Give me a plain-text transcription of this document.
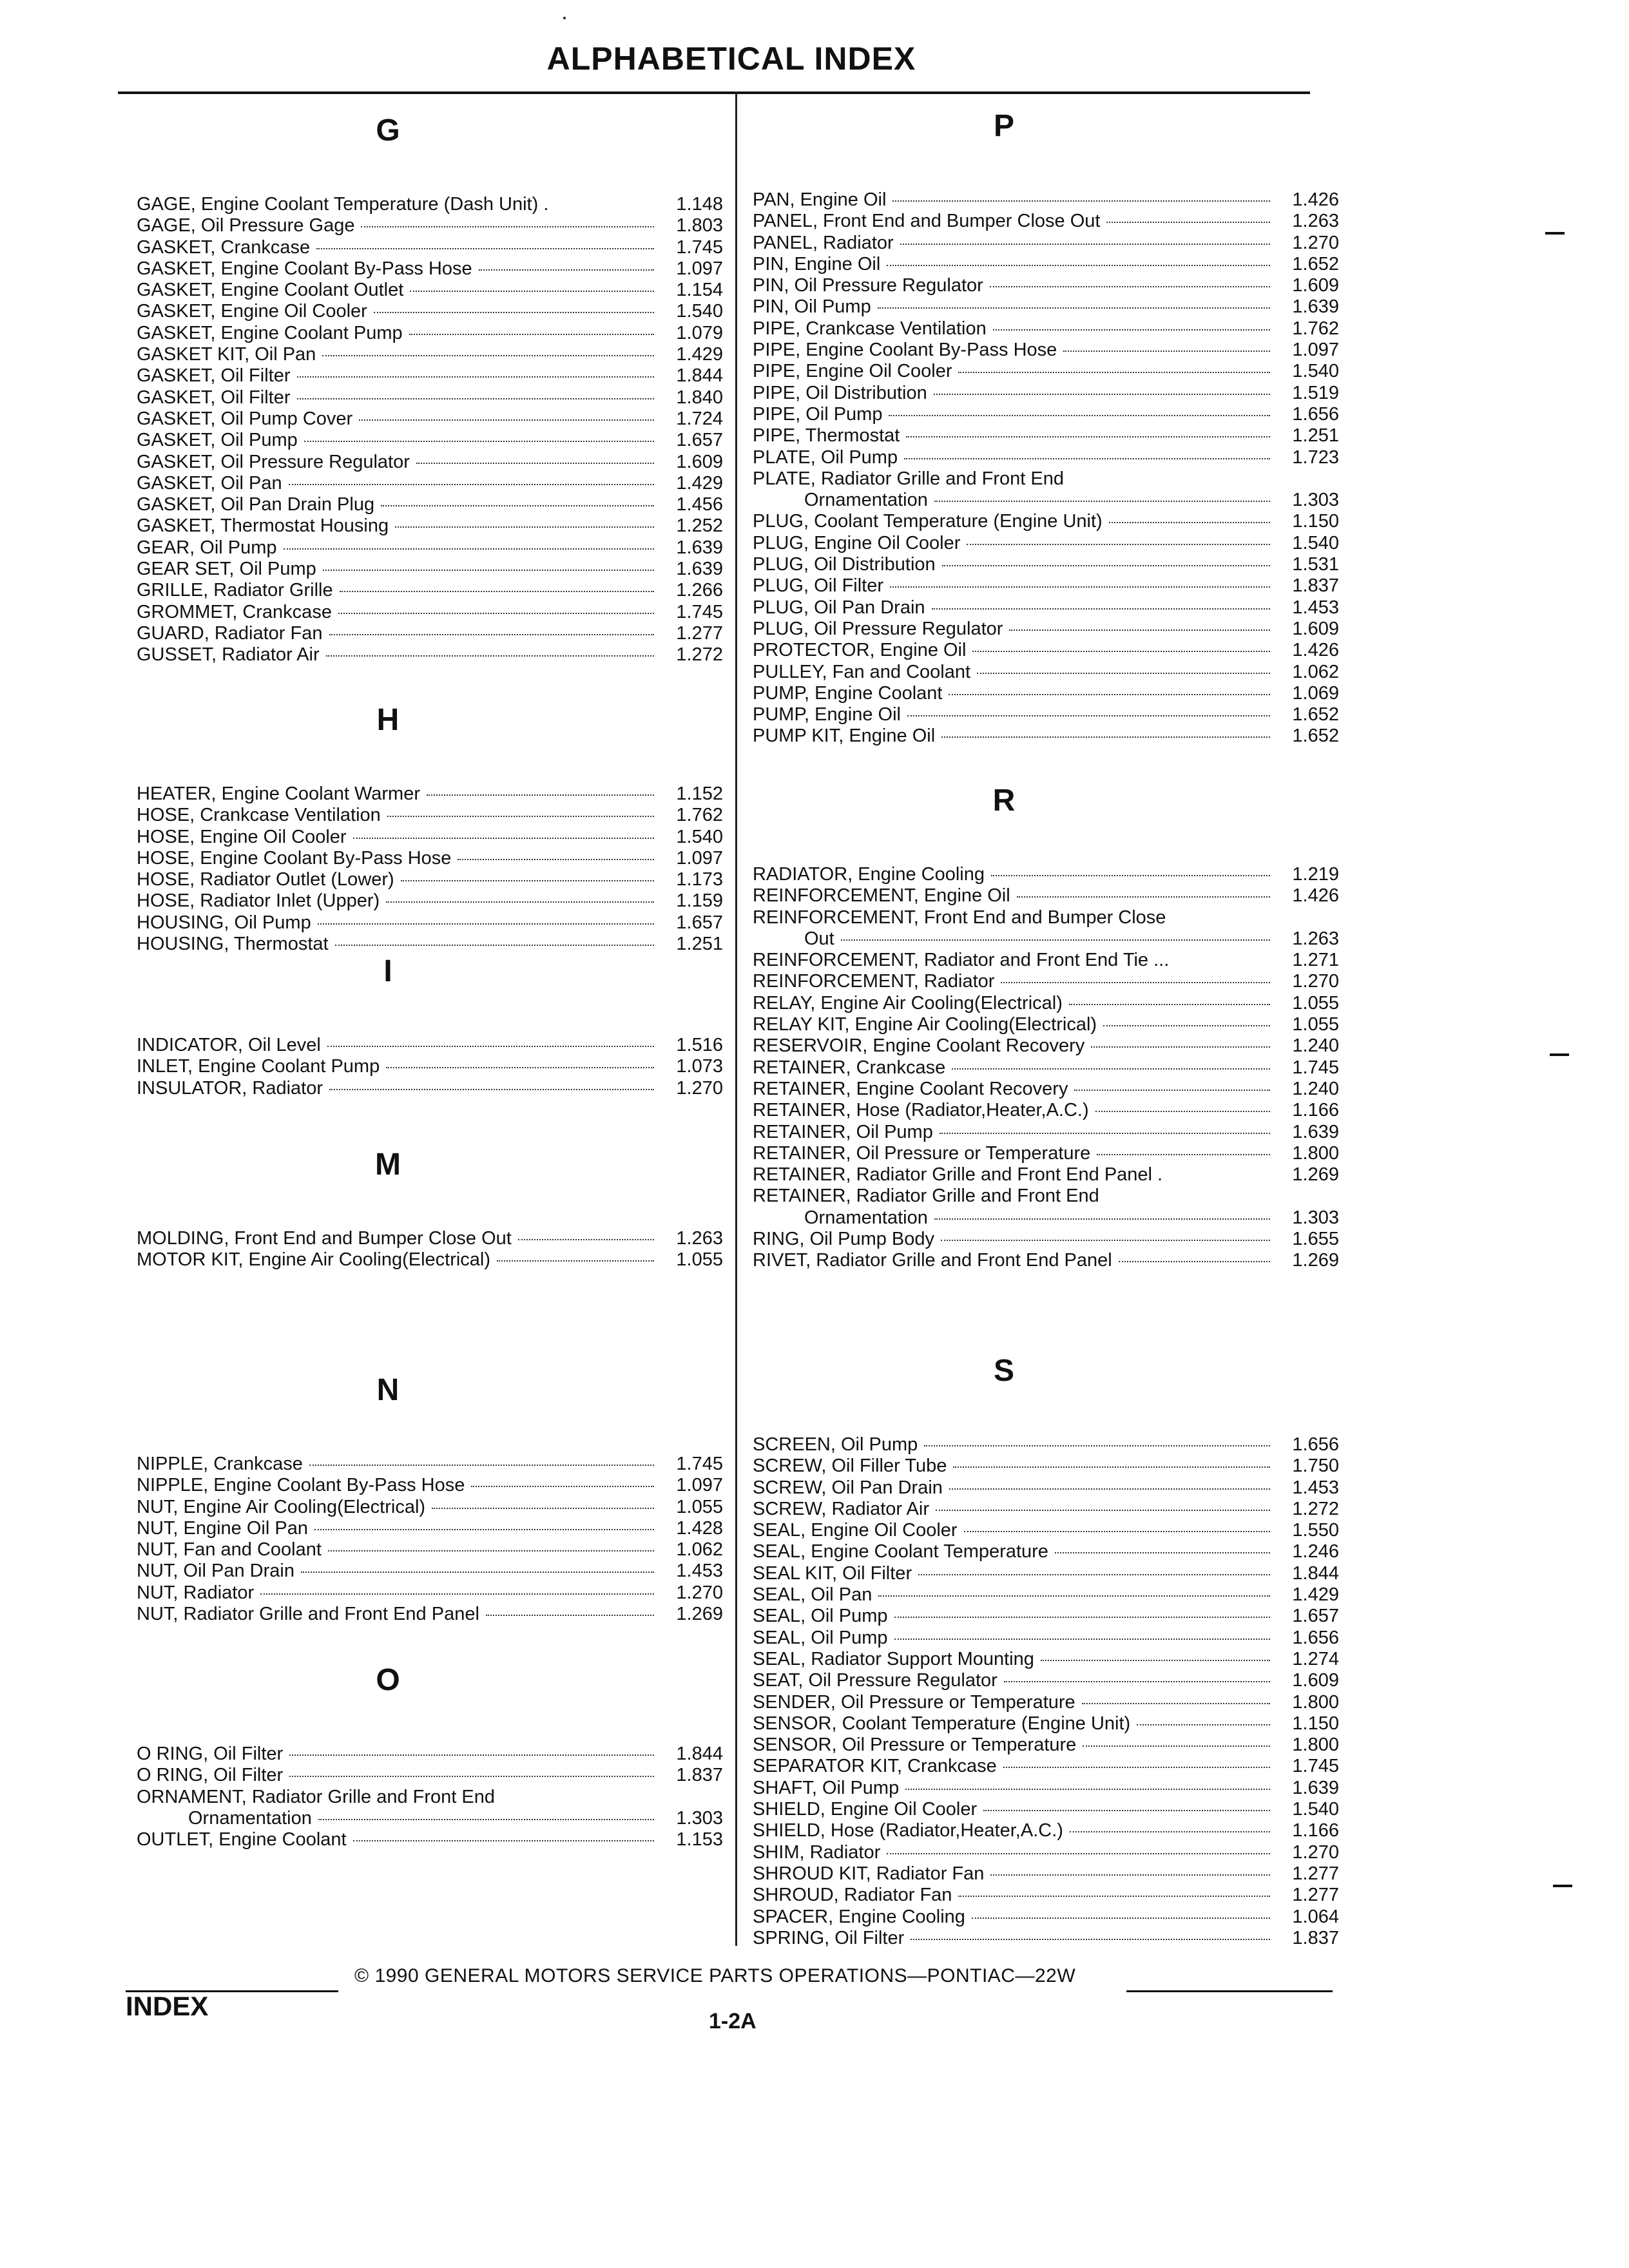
ALPHABETICAL INDEX
G
GAGE, Engine Coolant Temperature (Dash Unit) .	1.148
GAGE, Oil Pressure Gage	1.803
GASKET, Crankcase	1.745
GASKET, Engine Coolant By-Pass Hose	1.097
GASKET, Engine Coolant Outlet	1.154
GASKET, Engine Oil Cooler	1.540
GASKET, Engine Coolant Pump	1.079
GASKET KIT, Oil Pan	1.429
GASKET, Oil Filter	1.844
GASKET, Oil Filter	1.840
GASKET, Oil Pump Cover	1.724
GASKET, Oil Pump	1.657
GASKET, Oil Pressure Regulator	1.609
GASKET, Oil Pan	1.429
GASKET, Oil Pan Drain Plug	1.456
GASKET, Thermostat Housing	1.252
GEAR, Oil Pump	1.639
GEAR SET, Oil Pump	1.639
GRILLE, Radiator Grille	1.266
GROMMET, Crankcase	1.745
GUARD, Radiator Fan	1.277
GUSSET, Radiator Air	1.272
H
HEATER, Engine Coolant Warmer	1.152
HOSE, Crankcase Ventilation	1.762
HOSE, Engine Oil Cooler	1.540
HOSE, Engine Coolant By-Pass Hose	1.097
HOSE, Radiator Outlet (Lower)	1.173
HOSE, Radiator Inlet (Upper)	1.159
HOUSING, Oil Pump	1.657
HOUSING, Thermostat	1.251
I
INDICATOR, Oil Level	1.516
INLET, Engine Coolant Pump	1.073
INSULATOR, Radiator	1.270
M
MOLDING, Front End and Bumper Close Out	1.263
MOTOR KIT, Engine Air Cooling(Electrical)	1.055
N
NIPPLE, Crankcase	1.745
NIPPLE, Engine Coolant By-Pass Hose	1.097
NUT, Engine Air Cooling(Electrical)	1.055
NUT, Engine Oil Pan	1.428
NUT, Fan and Coolant	1.062
NUT, Oil Pan Drain	1.453
NUT, Radiator	1.270
NUT, Radiator Grille and Front End Panel	1.269
O
O RING, Oil Filter	1.844
O RING, Oil Filter	1.837
ORNAMENT, Radiator Grille and Front End
Ornamentation	1.303
OUTLET, Engine Coolant	1.153
P
PAN, Engine Oil	1.426
PANEL, Front End and Bumper Close Out	1.263
PANEL, Radiator	1.270
PIN, Engine Oil	1.652
PIN, Oil Pressure Regulator	1.609
PIN, Oil Pump	1.639
PIPE, Crankcase Ventilation	1.762
PIPE, Engine Coolant By-Pass Hose	1.097
PIPE, Engine Oil Cooler	1.540
PIPE, Oil Distribution	1.519
PIPE, Oil Pump	1.656
PIPE, Thermostat	1.251
PLATE, Oil Pump	1.723
PLATE, Radiator Grille and Front End
Ornamentation	1.303
PLUG, Coolant Temperature (Engine Unit)	1.150
PLUG, Engine Oil Cooler	1.540
PLUG, Oil Distribution	1.531
PLUG, Oil Filter	1.837
PLUG, Oil Pan Drain	1.453
PLUG, Oil Pressure Regulator	1.609
PROTECTOR, Engine Oil	1.426
PULLEY, Fan and Coolant	1.062
PUMP, Engine Coolant	1.069
PUMP, Engine Oil	1.652
PUMP KIT, Engine Oil	1.652
R
RADIATOR, Engine Cooling	1.219
REINFORCEMENT, Engine Oil	1.426
REINFORCEMENT, Front End and Bumper Close
Out	1.263
REINFORCEMENT, Radiator and Front End Tie ...	1.271
REINFORCEMENT, Radiator	1.270
RELAY, Engine Air Cooling(Electrical)	1.055
RELAY KIT, Engine Air Cooling(Electrical)	1.055
RESERVOIR, Engine Coolant Recovery	1.240
RETAINER, Crankcase	1.745
RETAINER, Engine Coolant Recovery	1.240
RETAINER, Hose (Radiator,Heater,A.C.)	1.166
RETAINER, Oil Pump	1.639
RETAINER, Oil Pressure or Temperature	1.800
RETAINER, Radiator Grille and Front End Panel .	1.269
RETAINER, Radiator Grille and Front End
Ornamentation	1.303
RING, Oil Pump Body	1.655
RIVET, Radiator Grille and Front End Panel	1.269
S
SCREEN, Oil Pump	1.656
SCREW, Oil Filler Tube	1.750
SCREW, Oil Pan Drain	1.453
SCREW, Radiator Air	1.272
SEAL, Engine Oil Cooler	1.550
SEAL, Engine Coolant Temperature	1.246
SEAL KIT, Oil Filter	1.844
SEAL, Oil Pan	1.429
SEAL, Oil Pump	1.657
SEAL, Oil Pump	1.656
SEAL, Radiator Support Mounting	1.274
SEAT, Oil Pressure Regulator	1.609
SENDER, Oil Pressure or Temperature	1.800
SENSOR, Coolant Temperature (Engine Unit)	1.150
SENSOR, Oil Pressure or Temperature	1.800
SEPARATOR KIT, Crankcase	1.745
SHAFT, Oil Pump	1.639
SHIELD, Engine Oil Cooler	1.540
SHIELD, Hose (Radiator,Heater,A.C.)	1.166
SHIM, Radiator	1.270
SHROUD KIT, Radiator Fan	1.277
SHROUD, Radiator Fan	1.277
SPACER, Engine Cooling	1.064
SPRING, Oil Filter	1.837
© 1990 GENERAL MOTORS SERVICE PARTS OPERATIONS—PONTIAC—22W
INDEX	1-2A
